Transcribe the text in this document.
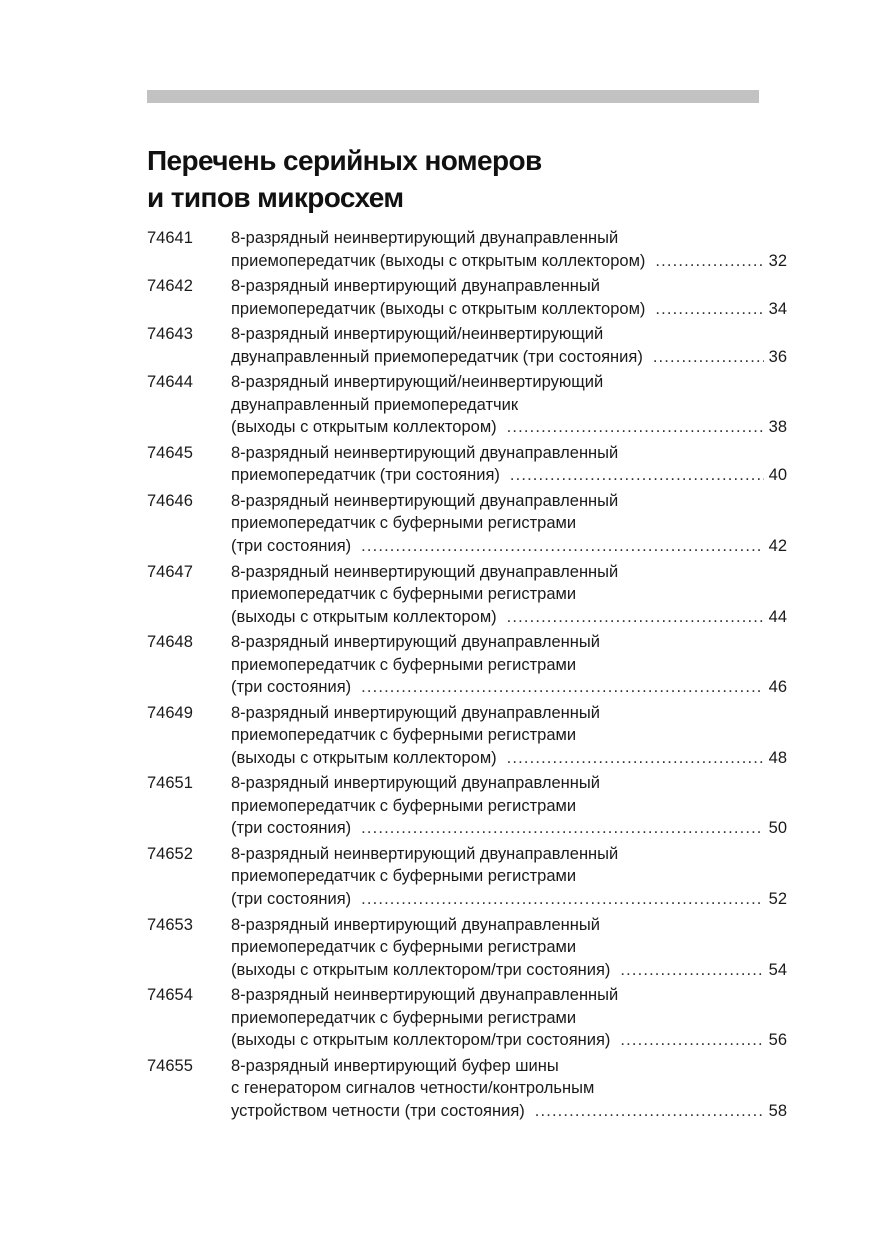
Перечень серийных номеров
и типов микросхем
74641	8-разрядный неинвертирующий двунаправленный
приемопередатчик (выходы с открытым коллектором) .....	32
74642	8-разрядный инвертирующий двунаправленный
приемопередатчик (выходы с открытым коллектором) .....	34
74643	8-разрядный инвертирующий/неинвертирующий
двунаправленный приемопередатчик (три состояния) .....	36
74644	8-разрядный инвертирующий/неинвертирующий
двунаправленный приемопередатчик
(выходы с открытым коллектором) .....	38
74645	8-разрядный неинвертирующий двунаправленный
приемопередатчик (три состояния) .....	40
74646	8-разрядный неинвертирующий двунаправленный
приемопередатчик с буферными регистрами
(три состояния) .....	42
74647	8-разрядный неинвертирующий двунаправленный
приемопередатчик с буферными регистрами
(выходы с открытым коллектором) .....	44
74648	8-разрядный инвертирующий двунаправленный
приемопередатчик с буферными регистрами
(три состояния) .....	46
74649	8-разрядный инвертирующий двунаправленный
приемопередатчик с буферными регистрами
(выходы с открытым коллектором) .....	48
74651	8-разрядный инвертирующий двунаправленный
приемопередатчик с буферными регистрами
(три состояния) .....	50
74652	8-разрядный неинвертирующий двунаправленный
приемопередатчик с буферными регистрами
(три состояния) .....	52
74653	8-разрядный инвертирующий двунаправленный
приемопередатчик с буферными регистрами
(выходы с открытым коллектором/три состояния) .....	54
74654	8-разрядный неинвертирующий двунаправленный
приемопередатчик с буферными регистрами
(выходы с открытым коллектором/три состояния) .....	56
74655	8-разрядный инвертирующий буфер шины
с генератором сигналов четности/контрольным
устройством четности (три состояния) .....	58
